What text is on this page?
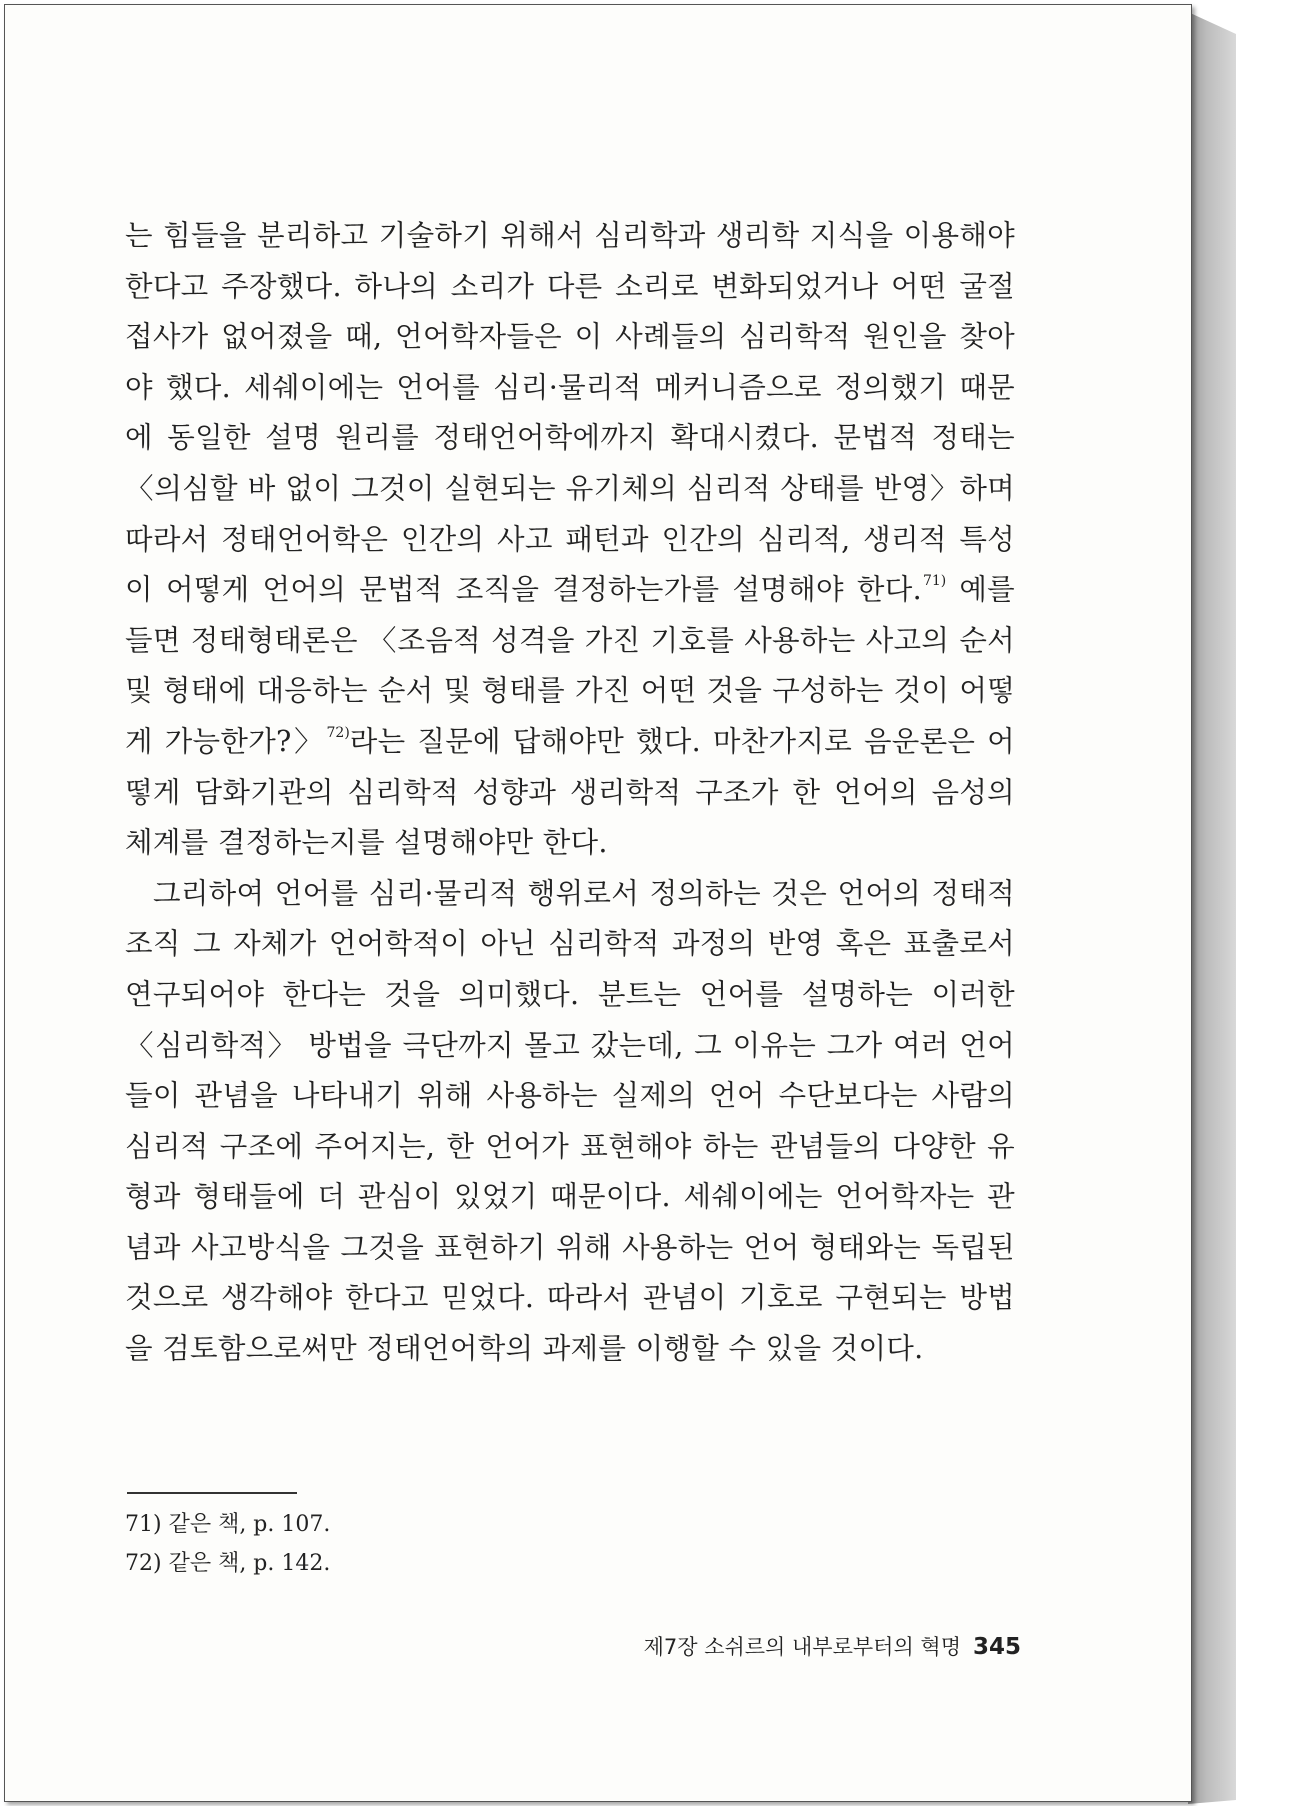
는 힘들을 분리하고 기술하기 위해서 심리학과 생리학 지식을 이용해야 한다고 주장했다. 하나의 소리가 다른 소리로 변화되었거나 어떤 굴절접사가 없어졌을 때, 언어학자들은 이 사례들의 심리학적 원인을 찾아야 했다. 세쉐이에는 언어를 심리·물리적 메커니즘으로 정의했기 때문에 동일한 설명 원리를 정태언어학에까지 확대시켰다. 문법적 정태는 〈의심할 바 없이 그것이 실현되는 유기체의 심리적 상태를 반영〉하며 따라서 정태언어학은 인간의 사고 패턴과 인간의 심리적, 생리적 특성이 어떻게 언어의 문법적 조직을 결정하는가를 설명해야 한다.$^{71)}$ 예를 들면 정태형태론은 〈조음적 성격을 가진 기호를 사용하는 사고의 순서 및 형태에 대응하는 순서 및 형태를 가진 어떤 것을 구성하는 것이 어떻게 가능한가?〉$^{72)}$라는 질문에 답해야만 했다. 마찬가지로 음운론은 어떻게 담화기관의 심리학적 성향과 생리학적 구조가 한 언어의 음성의 체계를 결정하는지를 설명해야만 한다.

그리하여 언어를 심리·물리적 행위로서 정의하는 것은 언어의 정태적 조직 그 자체가 언어학적이 아닌 심리학적 과정의 반영 혹은 표출로서 연구되어야 한다는 것을 의미했다. 분트는 언어를 설명하는 이러한 〈심리학적〉 방법을 극단까지 몰고 갔는데, 그 이유는 그가 여러 언어들이 관념을 나타내기 위해 사용하는 실제의 언어 수단보다는 사람의 심리적 구조에 주어지는, 한 언어가 표현해야 하는 관념들의 다양한 유형과 형태들에 더 관심이 있었기 때문이다. 세쉐이에는 언어학자는 관념과 사고방식을 그것을 표현하기 위해 사용하는 언어 형태와는 독립된 것으로 생각해야 한다고 믿었다. 따라서 관념이 기호로 구현되는 방법을 검토함으로써만 정태언어학의 과제를 이행할 수 있을 것이다.

71) 같은 책, p. 107.
72) 같은 책, p. 142.
제7장 소쉬르의 내부로부터의 혁명 345
